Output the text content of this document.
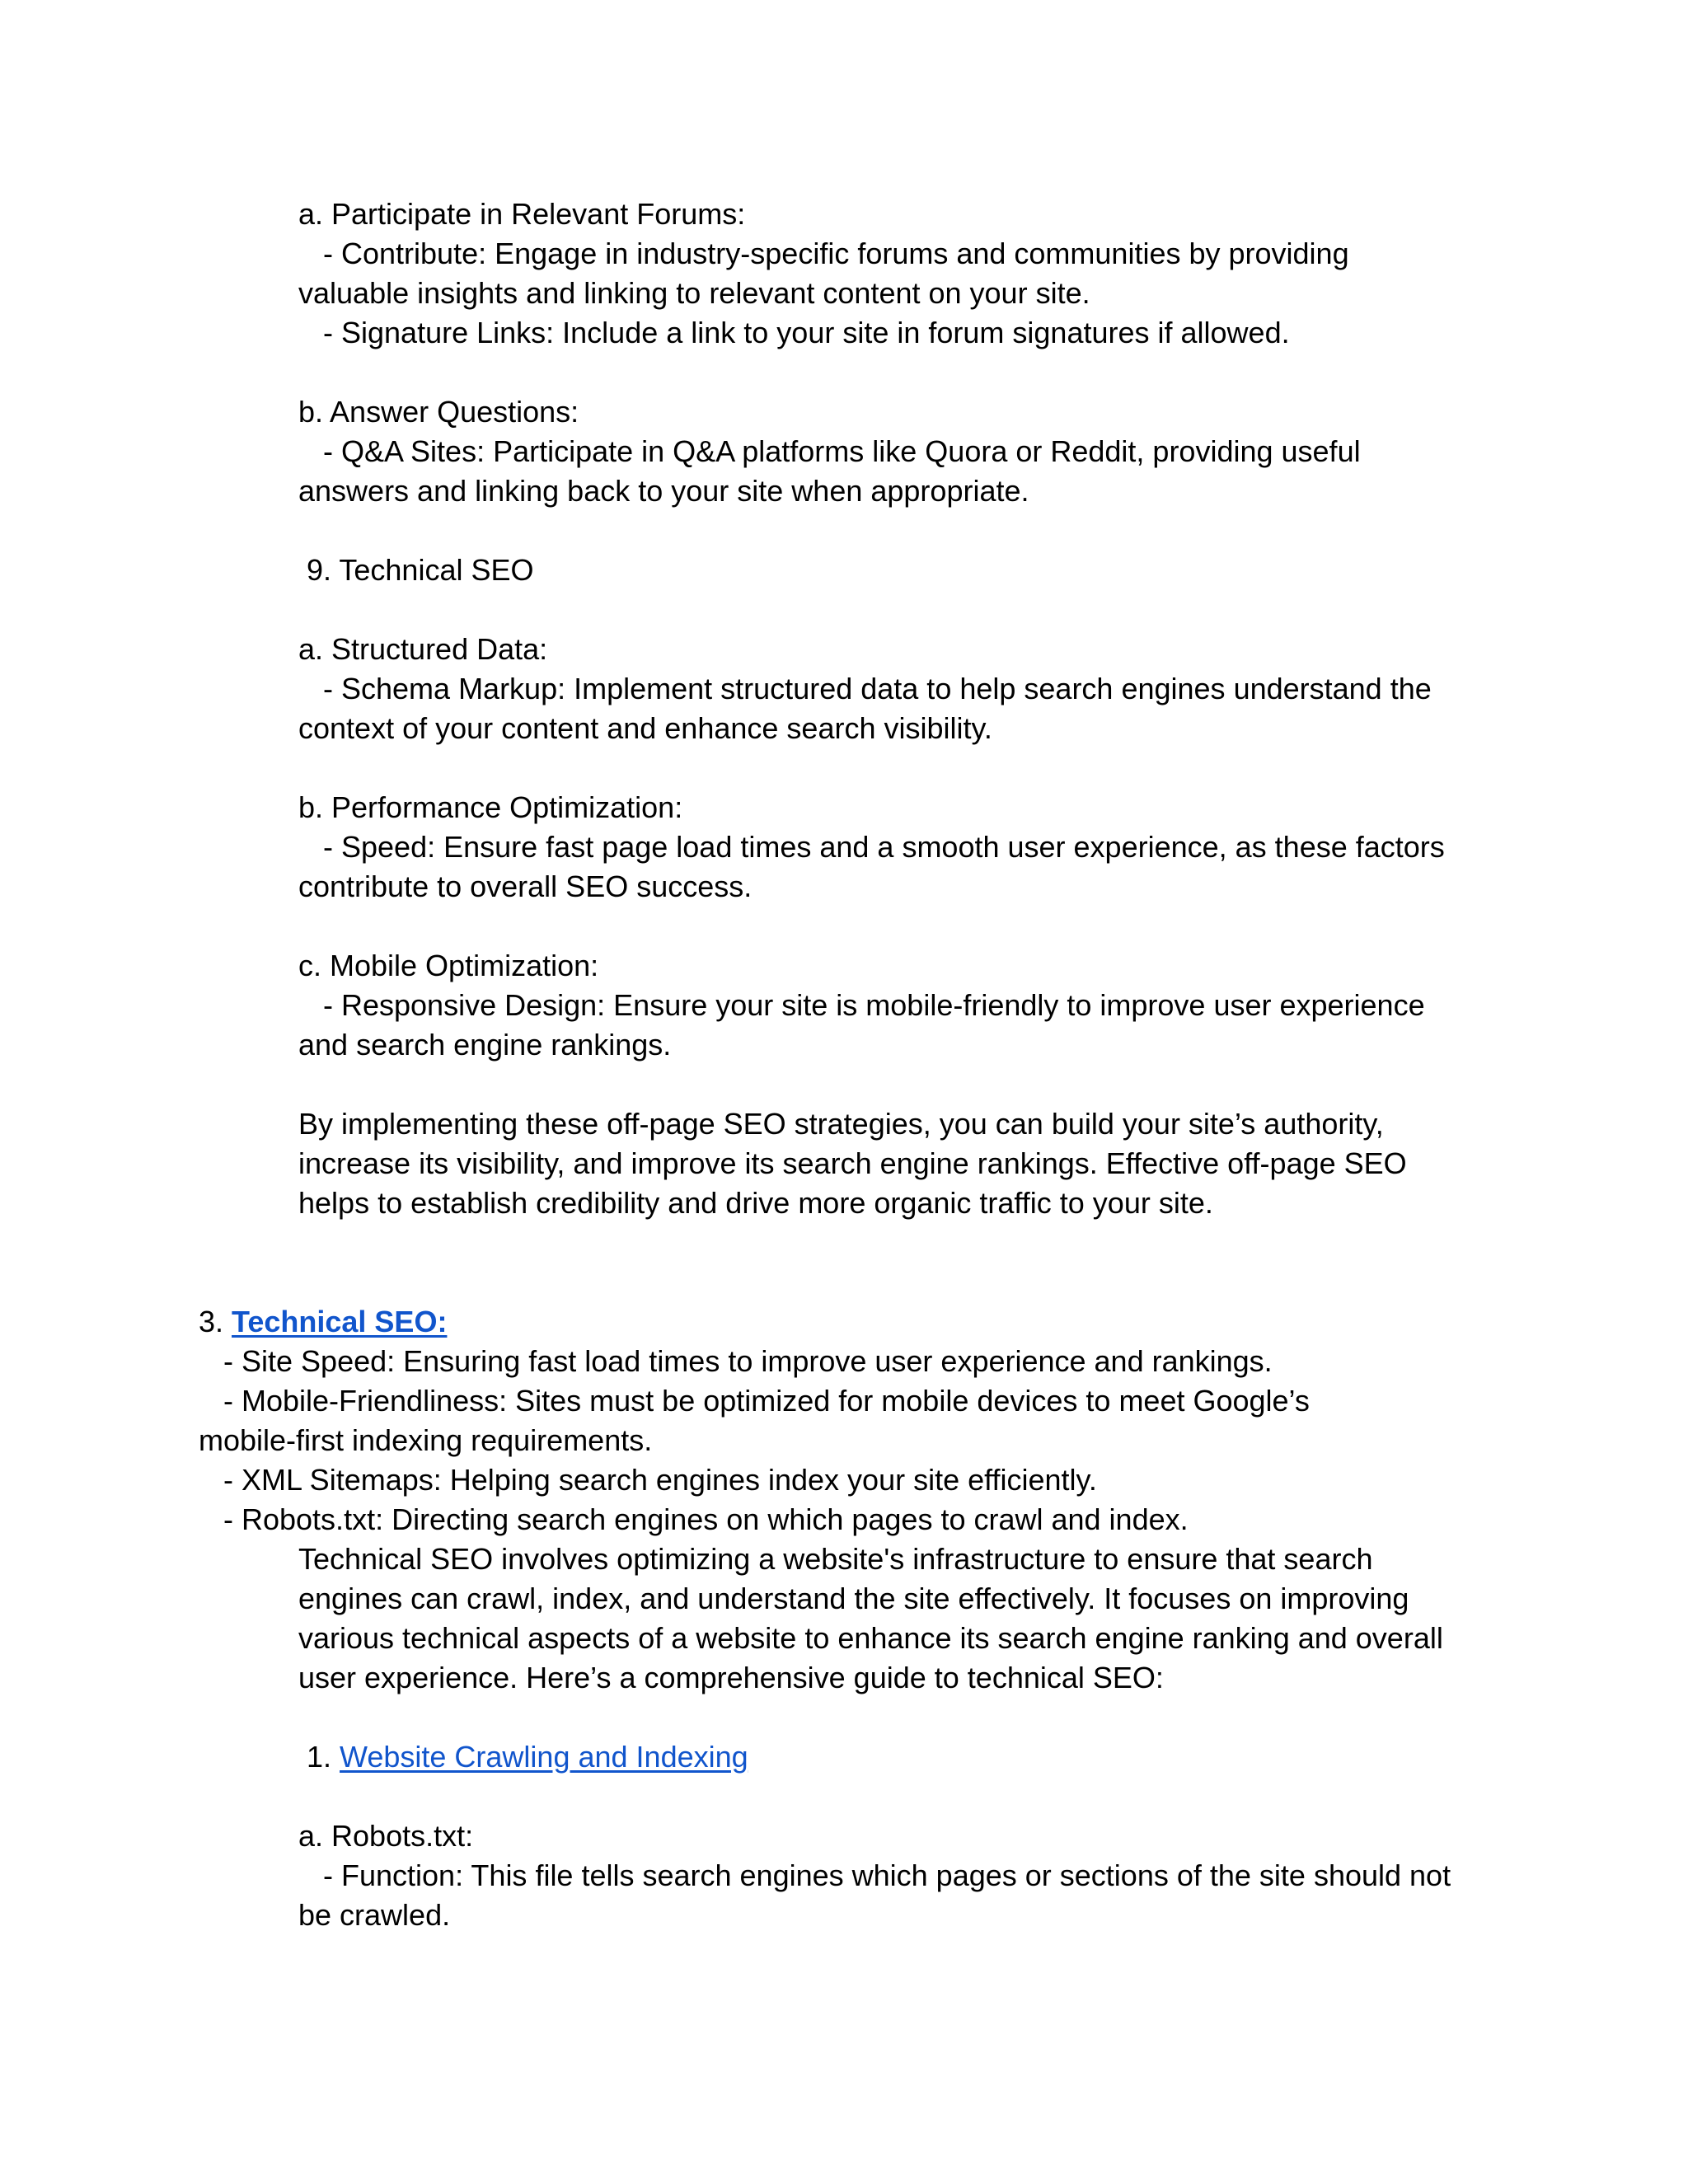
a. Participate in Relevant Forums:
- Contribute: Engage in industry-specific forums and communities by providing
valuable insights and linking to relevant content on your site.
- Signature Links: Include a link to your site in forum signatures if allowed.
b. Answer Questions:
- Q&A Sites: Participate in Q&A platforms like Quora or Reddit, providing useful
answers and linking back to your site when appropriate.
9. Technical SEO
a. Structured Data:
- Schema Markup: Implement structured data to help search engines understand the
context of your content and enhance search visibility.
b. Performance Optimization:
- Speed: Ensure fast page load times and a smooth user experience, as these factors
contribute to overall SEO success.
c. Mobile Optimization:
- Responsive Design: Ensure your site is mobile-friendly to improve user experience
and search engine rankings.
By implementing these off-page SEO strategies, you can build your site’s authority,
increase its visibility, and improve its search engine rankings. Effective off-page SEO
helps to establish credibility and drive more organic traffic to your site.
3. Technical SEO:
- Site Speed: Ensuring fast load times to improve user experience and rankings.
- Mobile-Friendliness: Sites must be optimized for mobile devices to meet Google’s
mobile-first indexing requirements.
- XML Sitemaps: Helping search engines index your site efficiently.
- Robots.txt: Directing search engines on which pages to crawl and index.
Technical SEO involves optimizing a website's infrastructure to ensure that search
engines can crawl, index, and understand the site effectively. It focuses on improving
various technical aspects of a website to enhance its search engine ranking and overall
user experience. Here’s a comprehensive guide to technical SEO:
1. Website Crawling and Indexing
a. Robots.txt:
- Function: This file tells search engines which pages or sections of the site should not
be crawled.
